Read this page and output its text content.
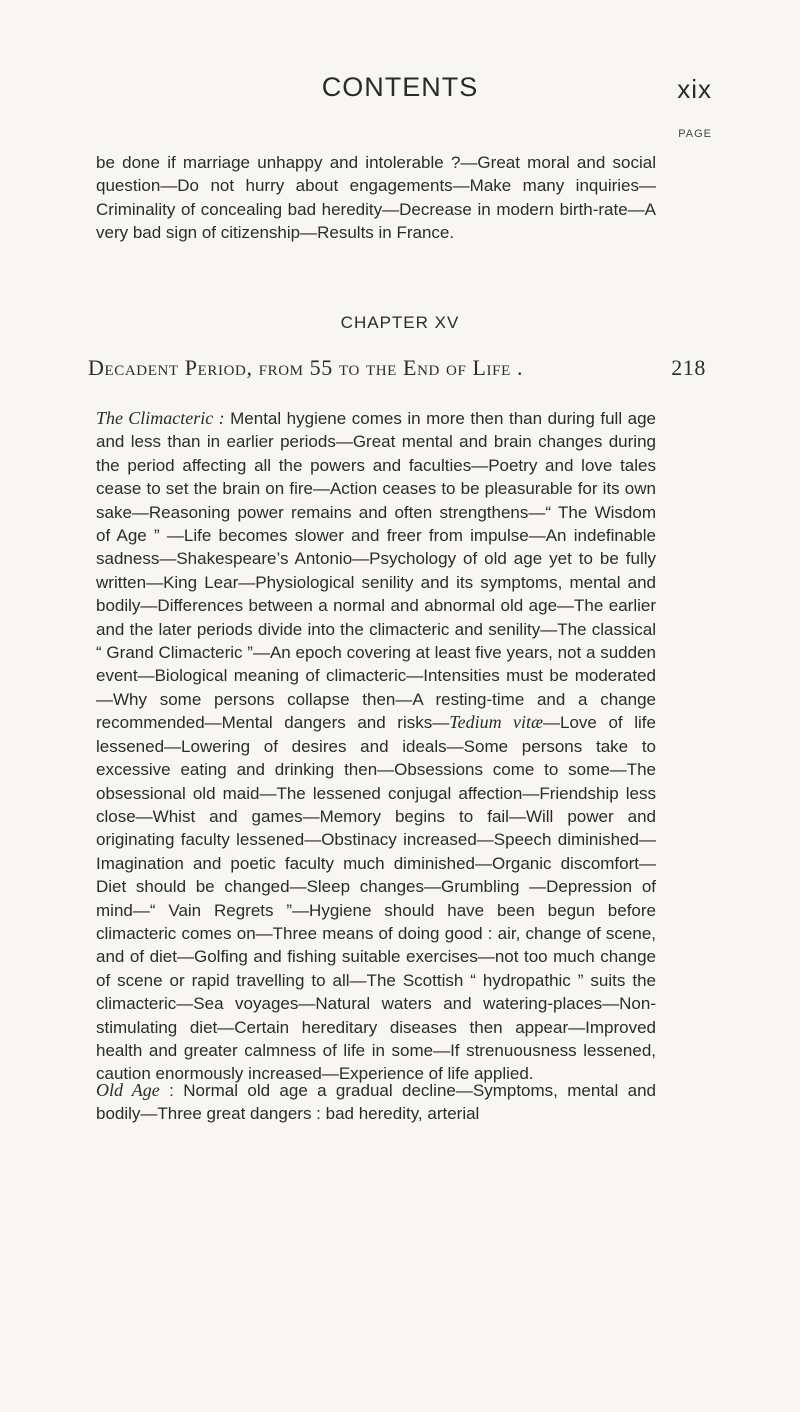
CONTENTS	xix
PAGE

be done if marriage unhappy and intolerable ?—Great moral and social question—Do not hurry about engagements—Make many inquiries—Criminality of concealing bad heredity—Decrease in modern birth-rate—A very bad sign of citizenship—Results in France.

CHAPTER XV
Decadent Period, from 55 to the End of Life .	218

The Climacteric : Mental hygiene comes in more then than during full age and less than in earlier periods—Great mental and brain changes during the period affecting all the powers and faculties—Poetry and love tales cease to set the brain on fire—Action ceases to be pleasurable for its own sake—Reasoning power remains and often strengthens—“ The Wisdom of Age ” —Life becomes slower and freer from impulse—An indefinable sadness—Shakespeare’s Antonio—Psychology of old age yet to be fully written—King Lear—Physiological senility and its symptoms, mental and bodily—Differences between a normal and abnormal old age—The earlier and the later periods divide into the climacteric and senility—The classical “ Grand Climacteric ”—An epoch covering at least five years, not a sudden event—Biological meaning of climacteric—Intensities must be moderated—Why some persons collapse then—A resting-time and a change recommended—Mental dangers and risks—Tedium vitæ—Love of life lessened—Lowering of desires and ideals—Some persons take to excessive eating and drinking then—Obsessions come to some—The obsessional old maid—The lessened conjugal affection—Friendship less close—Whist and games—Memory begins to fail—Will power and originating faculty lessened—Obstinacy increased—Speech diminished—Imagination and poetic faculty much diminished—Organic discomfort—Diet should be changed—Sleep changes—Grumbling —Depression of mind—“ Vain Regrets ”—Hygiene should have been begun before climacteric comes on—Three means of doing good : air, change of scene, and of diet—Golfing and fishing suitable exercises—not too much change of scene or rapid travelling to all—The Scottish “ hydropathic ” suits the climacteric—Sea voyages—Natural waters and watering-places—Non-stimulating diet—Certain hereditary diseases then appear—Improved health and greater calmness of life in some—If strenuousness lessened, caution enormously increased—Experience of life applied.

Old Age : Normal old age a gradual decline—Symptoms, mental and bodily—Three great dangers : bad heredity, arterial
